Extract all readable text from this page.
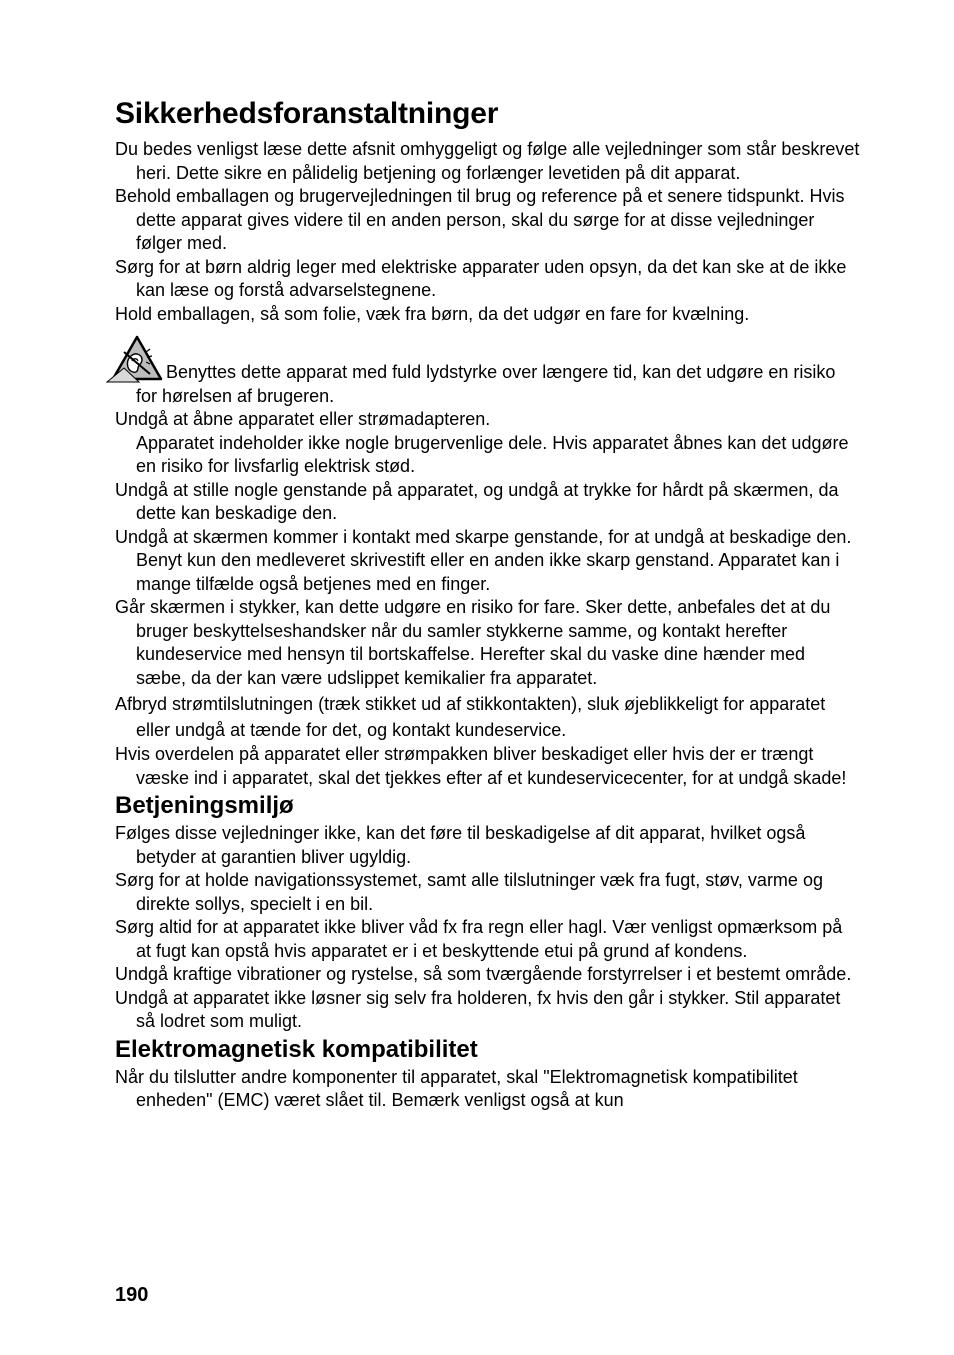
Sikkerhedsforanstaltninger

Du bedes venligst læse dette afsnit omhyggeligt og følge alle vejledninger som står beskrevet heri. Dette sikre en pålidelig betjening og forlænger levetiden på dit apparat.

Behold emballagen og brugervejledningen til brug og reference på et senere tidspunkt. Hvis dette apparat gives videre til en anden person, skal du sørge for at disse vejledninger følger med.

Sørg for at børn aldrig leger med elektriske apparater uden opsyn, da det kan ske at de ikke kan læse og forstå advarselstegnene.

Hold emballagen, så som folie, væk fra børn, da det udgør en fare for kvælning.

Benyttes dette apparat med fuld lydstyrke over længere tid, kan det udgøre en risiko for hørelsen af brugeren.

Undgå at åbne apparatet eller strømadapteren.

Apparatet indeholder ikke nogle brugervenlige dele. Hvis apparatet åbnes kan det udgøre en risiko for livsfarlig elektrisk stød.

Undgå at stille nogle genstande på apparatet, og undgå at trykke for hårdt på skærmen, da dette kan beskadige den.

Undgå at skærmen kommer i kontakt med skarpe genstande, for at undgå at beskadige den. Benyt kun den medleveret skrivestift eller en anden ikke skarp genstand. Apparatet kan i mange tilfælde også betjenes med en finger.

Går skærmen i stykker, kan dette udgøre en risiko for fare. Sker dette, anbefales det at du bruger beskyttelseshandsker når du samler stykkerne samme, og kontakt herefter kundeservice med hensyn til bortskaffelse. Herefter skal du vaske dine hænder med sæbe, da der kan være udslippet kemikalier fra apparatet.

Afbryd strømtilslutningen (træk stikket ud af stikkontakten), sluk øjeblikkeligt for apparatet eller undgå at tænde for det, og kontakt kundeservice.

Hvis overdelen på apparatet eller strømpakken bliver beskadiget eller hvis der er trængt væske ind i apparatet, skal det tjekkes efter af et kundeservicecenter, for at undgå skade!

Betjeningsmiljø

Følges disse vejledninger ikke, kan det føre til beskadigelse af dit apparat, hvilket også betyder at garantien bliver ugyldig.

Sørg for at holde navigationssystemet, samt alle tilslutninger væk fra fugt, støv, varme og direkte sollys, specielt i en bil.

Sørg altid for at apparatet ikke bliver våd fx fra regn eller hagl. Vær venligst opmærksom på at fugt kan opstå hvis apparatet er i et beskyttende etui på grund af kondens.

Undgå kraftige vibrationer og rystelse, så som tværgående forstyrrelser i et bestemt område.

Undgå at apparatet ikke løsner sig selv fra holderen, fx hvis den går i stykker. Stil apparatet så lodret som muligt.

Elektromagnetisk kompatibilitet

Når du tilslutter andre komponenter til apparatet, skal "Elektromagnetisk kompatibilitet enheden" (EMC) været slået til. Bemærk venligst også at kun

190
